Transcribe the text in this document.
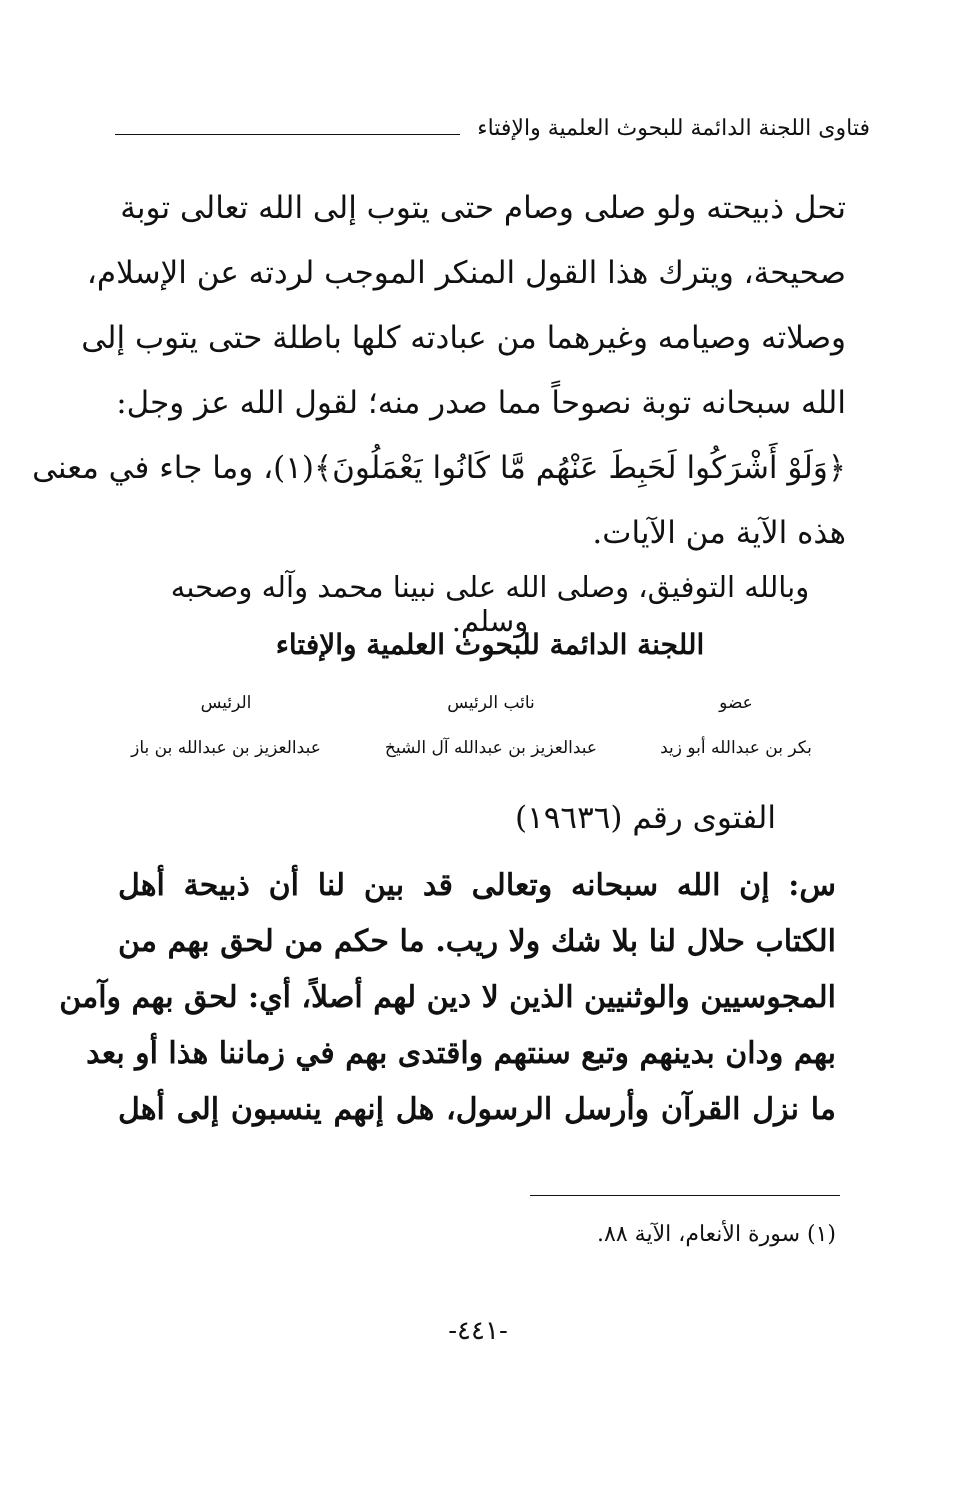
فتاوى اللجنة الدائمة للبحوث العلمية والإفتاء
تحل ذبيحته ولو صلى وصام حتى يتوب إلى الله تعالى توبة
صحيحة، ويترك هذا القول المنكر الموجب لردته عن الإسلام،
وصلاته وصيامه وغيرهما من عبادته كلها باطلة حتى يتوب إلى
الله سبحانه توبة نصوحاً مما صدر منه؛ لقول الله عز وجل:
﴿وَلَوْ أَشْرَكُوا لَحَبِطَ عَنْهُم مَّا كَانُوا يَعْمَلُونَ﴾(١)، وما جاء في معنى
هذه الآية من الآيات.
وبالله التوفيق، وصلى الله على نبينا محمد وآله وصحبه وسلم.
اللجنة الدائمة للبحوث العلمية والإفتاء
الرئيس	نائب الرئيس	عضو
عبدالعزيز بن عبدالله بن باز	عبدالعزيز بن عبدالله آل الشيخ	بكر بن عبدالله أبو زيد
الفتوى رقم (١٩٦٣٦)
س: إن الله سبحانه وتعالى قد بين لنا أن ذبيحة أهل
الكتاب حلال لنا بلا شك ولا ريب. ما حكم من لحق بهم من
المجوسيين والوثنيين الذين لا دين لهم أصلاً، أي: لحق بهم وآمن
بهم ودان بدينهم وتبع سنتهم واقتدى بهم في زماننا هذا أو بعد
ما نزل القرآن وأرسل الرسول، هل إنهم ينسبون إلى أهل
(١) سورة الأنعام، الآية ٨٨.
-٤٤١-
